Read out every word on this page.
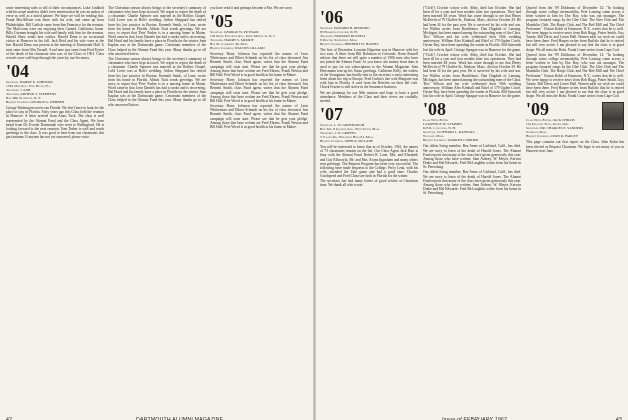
some interesting tales to tell of their circumstances. Luke Lindholt with his usual modesty didn't even mention that he was an author of verse as well as a noted painter. We hope we will be reading this. Frank MacAllister was there with his wife, and came up from Philadelphia. Bill Carlisle came from San Francisco for the reunion. The MacLeans were out enjoying their Carmel, California, home. Billy Gorman brought his wife and family with him for the reunion. Harold Shaw sends best wishes. Harold Dana is an occasional visitor at Hanover in the fall. Jack Reid and his wife were at the Inn. Harold Dana was present at the meeting of Dartmouth Hall. A note came from Olin Yarnall. A sad note just came from Fred Eyster of the death of his classmate who was of the Class of 1901. Class records were well kept through the years by our Secretary.

'04

Secretary, HARRY E. JOHNSON

1784 23rd Ave., Vero Beach, Fla.

Telephone: 7-2298

Treasurer, ARTHUR T. STEPHENS

Box 486, Wappinger, N. Y.

Bequest Chairman, GEORGE A. WEBBER

George Washington never ran Florida. We don't have to hunt for the place to stay in Florida. Sixty years ago this Class held the reunion in Hanover. A letter arrived from Amos Tuck. The class is well represented by the Alumni Fund and the Class Agent. We have heard from Dr. Everett Dartmouth who went to Wallingford. He is looking forward to the next reunion. Tom Tinker is well and sends greetings to the class. It was good to hear from our classmates this past autumn. If anyone has not yet answered, please write.

The Christmas season always brings to the secretary's summary of classmates who have kept in touch. We regret to report the death of a classmate. Charlie Spencer was married in the Rollins Chapel. Cold Lover was at Holt's wedding. Arthur Sheppard has retired from his law practice in Boston. Kenneth Smith, of Lane, wrote from his home in Florida. Abbott Tuck sends greetings. We are sorry to report that 'Pete' Parker is in a nursing home in Maine. Word came in that Leon Daniels has had a stroke and is recovering. Hal Hood and his family have a place in Florida for the winter. Sam Kaplan was at the Dartmouth game. Cincinnati members of the Class helped in the Alumni Fund this year. Many thanks go to all who answered letters.

The Christmas season always brings to the secretary's summary of classmates who have kept in touch. We regret to report the death of a classmate. Charlie Spencer was married in the Rollins Chapel. Cold Lover was at Holt's wedding. Arthur Sheppard has retired from his law practice in Boston. Kenneth Smith, of Lane, wrote from his home in Florida. Abbott Tuck sends greetings. We are sorry to report that 'Pete' Parker is in a nursing home in Maine. Word came in that Leon Daniels has had a stroke and is recovering. Hal Hood and his family have a place in Florida for the winter. Sam Kaplan was at the Dartmouth game. Cincinnati members of the Class helped in the Alumni Fund this year. Many thanks go to all who answered letters.

you have read it and perhaps became a Fan. We are sorry.

'05

Secretary, GEORGE W. PUTNAM

156 North Fullerton Ave., Upper Montclair, N. J.

Treasurer, HARRY S. MOODY

Box 91, Cambridge 40, Mass.

Bequest Chairman, WALTON LILLARD

Secretary Harry Johnson has reported the names of Leon Whittemore and Elbert Schmidt on his list of class deceased. Jim Bennett Smith, class Fund agent, writes that the Alumni Fund campaign will soon start. Please see that he gets your pledge. Among those that have written are Fred Ehrens, Frank Weston and Bill Hall. Pete Wood is in good health at his home in Maine.

Secretary Harry Johnson has reported the names of Leon Whittemore and Elbert Schmidt on his list of class deceased. Jim Bennett Smith, class Fund agent, writes that the Alumni Fund campaign will soon start. Please see that he gets your pledge. Among those that have written are Fred Ehrens, Frank Weston and Bill Hall. Pete Wood is in good health at his home in Maine.

Secretary Harry Johnson has reported the names of Leon Whittemore and Elbert Schmidt on his list of class deceased. Jim Bennett Smith, class Fund agent, writes that the Alumni Fund campaign will soon start. Please see that he gets your pledge. Among those that have written are Fred Ehrens, Frank Weston and Bill Hall. Pete Wood is in good health at his home in Maine.

42	DARTMOUTH ALUMNI MAGAZINE
'06

Secretary, EDWARD B. REDDING

83 Harrison, Concord, N. H.

Treasurer, NORMAN RUSSELL

8 Proctor, Springfield, Mass.

Bequest Chairman, HERBERT W. HAINES

The first of December Lorraine Edgerton was in Hanover with her two sons. A letter from Bill Robinson in Colorado. Norm Russell advises that there are still quite a number of 1906 men who have not joined the Alumni Fund. As you know, the money from dues is used to pay for our subscriptions to the Alumni Magazine. Stan Hertsmann sent up his Xmas greetings. Catherine Kelly, the widow of the Youngman, has kindly sent to the secretary a most interesting letter about her trip to Europe. Fred Corbin's late wife Margaret was with him in Florida. A card from the Beeches on their fall visit. Chuck Frazier is still active in the Insurance business.

We are planning for our 56th reunion and hope to have a good attendance. Members of the Class and their wives are cordially invited.

'07

Secretary, L. W. GREENOUGH

Box 321, 8 Graydon Ave., West Upton, Mass.

Treasurer, J. W. GRIFFIN

5 Valley Rd., Wellesley Hills 81, Mass.

Bequest Chairman, JOHN R. MCLANE

You will be interested to know that as of October, 1961, the names of 73 classmates remain on the list. Our Class Agent Jack Hart is busy with the Alumni Fund. Robert R. Lane, Mrs. and Elizabeth and Guy Ellsworth, Mr. and Mrs. Evans Ingraham and many others sent greetings. The Bequest Program has been very successful. The following have made bequests to the College. Percy Leak, with his wife, attended the Yale game and had a good time. Charles Goodspeed and Fred Chase are both in Florida for the winter.

The secretary has had many letters of good wishes at Christmas time. We thank all who wrote.

("Clob") Crocker whose wife, Abby, died last October. She had been ill for a year and four months after two operations. They had been married 48 years. Word has come through to me that Henry McDevitt of 79 Chaffee St., Hudson, Mass., died on October 29. He had been ill for the past year. He is survived by his wife and son. Joe Wallen writes from Brattleboro. Dan Dugdale of Lansing, Michigan, has been named among the outstanding men of the Class. 'Doc' Wilson and his wife celebrated their 50th wedding anniversary. William Alex Kimball and Ethel of 179 Ogden Circle, Oyster Bay, have been spending the winter in Florida. Bill Symonds lost his wife in April. George Sprague was in Hanover for the game.

("Clob") Crocker whose wife, Abby, died last October. She had been ill for a year and four months after two operations. They had been married 48 years. Word has come through to me that Henry McDevitt of 79 Chaffee St., Hudson, Mass., died on October 29. He had been ill for the past year. He is survived by his wife and son. Joe Wallen writes from Brattleboro. Dan Dugdale of Lansing, Michigan, has been named among the outstanding men of the Class. 'Doc' Wilson and his wife celebrated their 50th wedding anniversary. William Alex Kimball and Ethel of 179 Ogden Circle, Oyster Bay, have been spending the winter in Florida. Bill Symonds lost his wife in April. George Sprague was in Hanover for the game.

'08

Class Notes Editor

LAURENCE M. SYMMES

R.F.D. 1, Laconia, N. H.

Secretary, CLIFFORD L. RANDALL

Wayland, Mass.

Bequest Chairman, WARREN CURRIER

Our oldest living member, Ben Ames of Carlsbad, Calif., has died. We are sorry to learn of the death of Harold Jones. The Alumni Fund reports that many of the class have given generously this year. Among those who have written: Sam Aubrey, W. Meyer, Kerwin Drake and Hal Edwards. Fred McLaughlin writes from his home in St. Petersburg.

Our oldest living member, Ben Ames of Carlsbad, Calif., has died. We are sorry to learn of the death of Harold Jones. The Alumni Fund reports that many of the class have given generously this year. Among those who have written: Sam Aubrey, W. Meyer, Kerwin Drake and Hal Edwards. Fred McLaughlin writes from his home in St. Petersburg.

Quoted from the '09 Doldrums of December 12: "In looking through some college memorabilia, Pete Lansing came across a letter written to him by Doc Ray, who was our manager. The program featured songs by the Glee Club. The Glee Club and The Mandolin Club, The Banjo Club, and The Red Mill and The Chief Performer." Ossian Kobb of Kenmore, N.Y., writes that he is well. We were happy to receive news from Bob Rugg, Potter Smith, Guy Turner, Bill Davis and Lester Hall. Warren adds we wish we could have been there. Fred Harper writes from Buffalo that he is retired but still very active. I am pleased to say that the class is in good shape. We all miss the Bobs. Frank Crane writes from Cape Cod.

Quoted from the '09 Doldrums of December 12: "In looking through some college memorabilia, Pete Lansing came across a letter written to him by Doc Ray, who was our manager. The program featured songs by the Glee Club. The Glee Club and The Mandolin Club, The Banjo Club, and The Red Mill and The Chief Performer." Ossian Kobb of Kenmore, N.Y., writes that he is well. We were happy to receive news from Bob Rugg, Potter Smith, Guy Turner, Bill Davis and Lester Hall. Warren adds we wish we could have been there. Fred Harper writes from Buffalo that he is retired but still very active. I am pleased to say that the class is in good shape. We all miss the Bobs. Frank Crane writes from Cape Cod.

'09

Class Notes Editor, JACK CHILDS

141 Pleasant Trail, Austin, Ohio

Secretary, DR. CHARLES E. SANDERS

Sandwich, Mass.

Bequest Chairman, LEON R. FARLEY

This page contains our first report on the Class. John Kuhn has been elected as Bequest Chairman. We hope to see many of you in Hanover next June.

Issue of FEBRUARY 1962	43
